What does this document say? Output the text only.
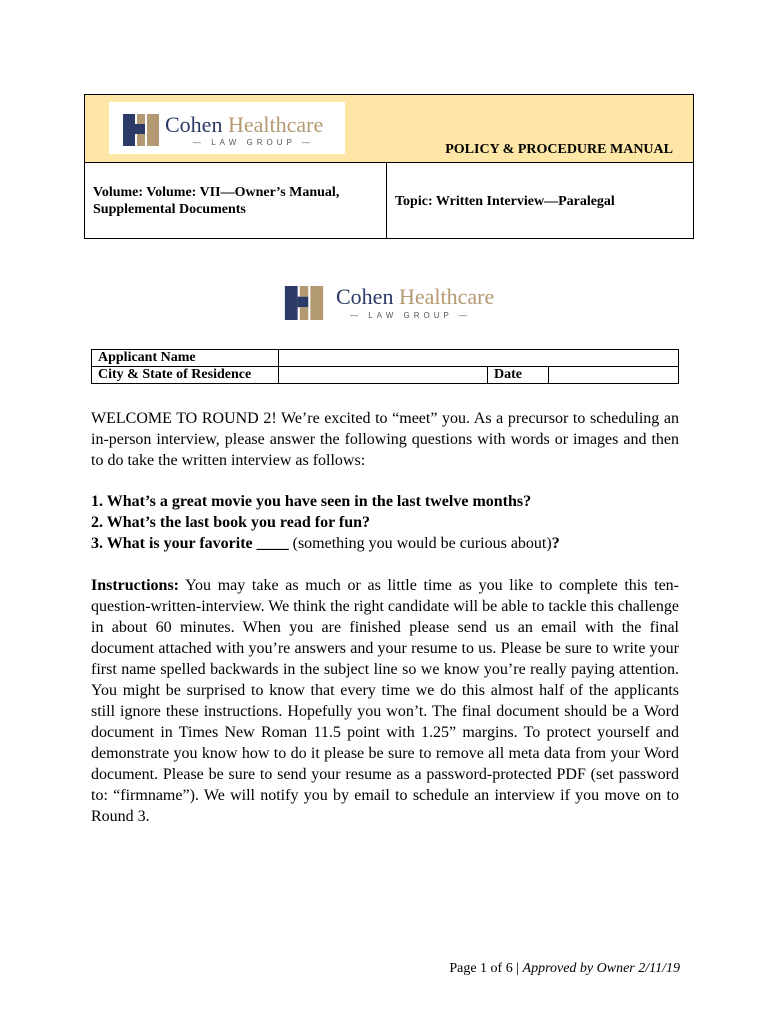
Cohen Healthcare
— LAW GROUP —	POLICY & PROCEDURE MANUAL
Volume: Volume: VII—Owner’s Manual,
Supplemental Documents
Topic: Written Interview—Paralegal
Cohen Healthcare
— LAW GROUP —
Applicant Name			
City & State of Residence		Date	
WELCOME TO ROUND 2! We’re excited to “meet” you. As a precursor to scheduling an in-person interview, please answer the following questions with words or images and then to do take the written interview as follows:
1. What’s a great movie you have seen in the last twelve months?
2. What’s the last book you read for fun?
3. What is your favorite ____ (something you would be curious about)?
Instructions: You may take as much or as little time as you like to complete this ten-question-written-interview. We think the right candidate will be able to tackle this challenge in about 60 minutes. When you are finished please send us an email with the final document attached with you’re answers and your resume to us. Please be sure to write your first name spelled backwards in the subject line so we know you’re really paying attention. You might be surprised to know that every time we do this almost half of the applicants still ignore these instructions. Hopefully you won’t. The final document should be a Word document in Times New Roman 11.5 point with 1.25” margins. To protect yourself and demonstrate you know how to do it please be sure to remove all meta data from your Word document. Please be sure to send your resume as a password-protected PDF (set password to: “firmname”). We will notify you by email to schedule an interview if you move on to Round 3.
Page 1 of 6 | Approved by Owner 2/11/19
